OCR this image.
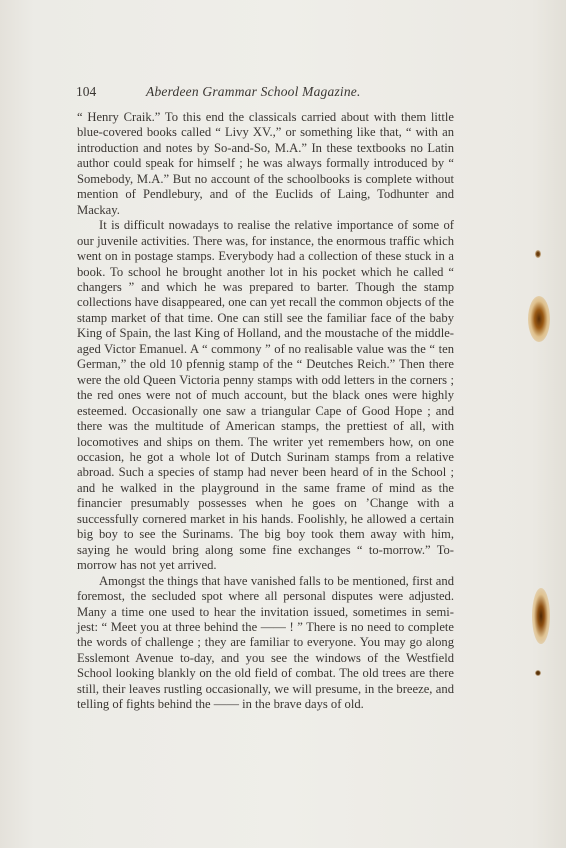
104	Aberdeen Grammar School Magazine.

“ Henry Craik.” To this end the classicals carried about with them little blue-covered books called “ Livy XV.,” or something like that, “ with an introduction and notes by So-and-So, M.A.” In these textbooks no Latin author could speak for himself ; he was always formally introduced by “ Somebody, M.A.” But no account of the schoolbooks is complete without mention of Pendlebury, and of the Euclids of Laing, Todhunter and Mackay.

It is difficult nowadays to realise the relative importance of some of our juvenile activities. There was, for instance, the enormous traffic which went on in postage stamps. Everybody had a collection of these stuck in a book. To school he brought another lot in his pocket which he called “ changers ” and which he was prepared to barter. Though the stamp collections have disappeared, one can yet recall the common objects of the stamp market of that time. One can still see the familiar face of the baby King of Spain, the last King of Holland, and the moustache of the middle-aged Victor Emanuel. A “ commony ” of no realisable value was the “ ten German,” the old 10 pfennig stamp of the “ Deutches Reich.” Then there were the old Queen Victoria penny stamps with odd letters in the corners ; the red ones were not of much account, but the black ones were highly esteemed. Occasionally one saw a triangular Cape of Good Hope ; and there was the multitude of American stamps, the prettiest of all, with locomotives and ships on them. The writer yet remembers how, on one occasion, he got a whole lot of Dutch Surinam stamps from a relative abroad. Such a species of stamp had never been heard of in the School ; and he walked in the playground in the same frame of mind as the financier presumably possesses when he goes on ’Change with a successfully cornered market in his hands. Foolishly, he allowed a certain big boy to see the Surinams. The big boy took them away with him, saying he would bring along some fine exchanges “ to-morrow.” To-morrow has not yet arrived.

Amongst the things that have vanished falls to be mentioned, first and foremost, the secluded spot where all personal disputes were adjusted. Many a time one used to hear the invitation issued, sometimes in semi-jest: “ Meet you at three behind the —— ! ” There is no need to complete the words of challenge ; they are familiar to everyone. You may go along Esslemont Avenue to-day, and you see the windows of the Westfield School looking blankly on the old field of combat. The old trees are there still, their leaves rustling occasionally, we will presume, in the breeze, and telling of fights behind the —— in the brave days of old.
